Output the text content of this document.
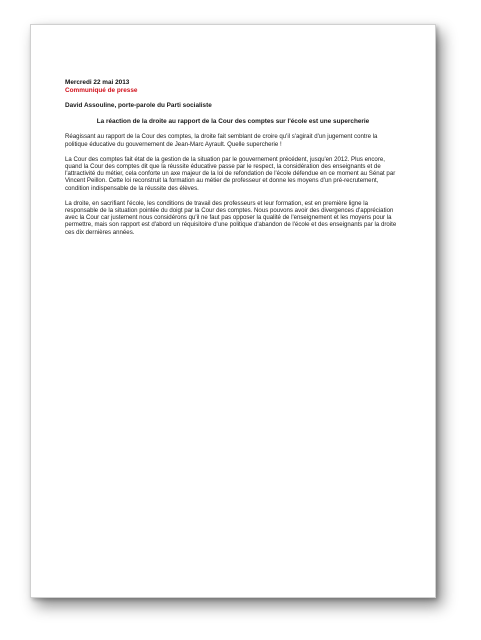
Mercredi 22 mai 2013
Communiqué de presse
David Assouline, porte-parole du Parti socialiste
La réaction de la droite au rapport de la Cour des comptes sur l'école est une supercherie
Réagissant au rapport de la Cour des comptes, la droite fait semblant de croire qu'il s'agirait d'un jugement contre la politique éducative du gouvernement de Jean-Marc Ayrault. Quelle supercherie !
La Cour des comptes fait état de la gestion de la situation par le gouvernement précédent, jusqu'en 2012. Plus encore, quand la Cour des comptes dit que la réussite éducative passe par le respect, la considération des enseignants et de l'attractivité du métier, cela conforte un axe majeur de la loi de refondation de l'école défendue en ce moment au Sénat par Vincent Peillon. Cette loi reconstruit la formation au métier de professeur et donne les moyens d'un pré-recrutement, condition indispensable de la réussite des élèves.
La droite, en sacrifiant l'école, les conditions de travail des professeurs et leur formation, est en première ligne la responsable de la situation pointée du doigt par la Cour des comptes. Nous pouvons avoir des divergences d'appréciation avec la Cour car justement nous considérons qu'il ne faut pas opposer la qualité de l'enseignement et les moyens pour la permettre, mais son rapport est d'abord un réquisitoire d'une politique d'abandon de l'école et des enseignants par la droite ces dix dernières années.
